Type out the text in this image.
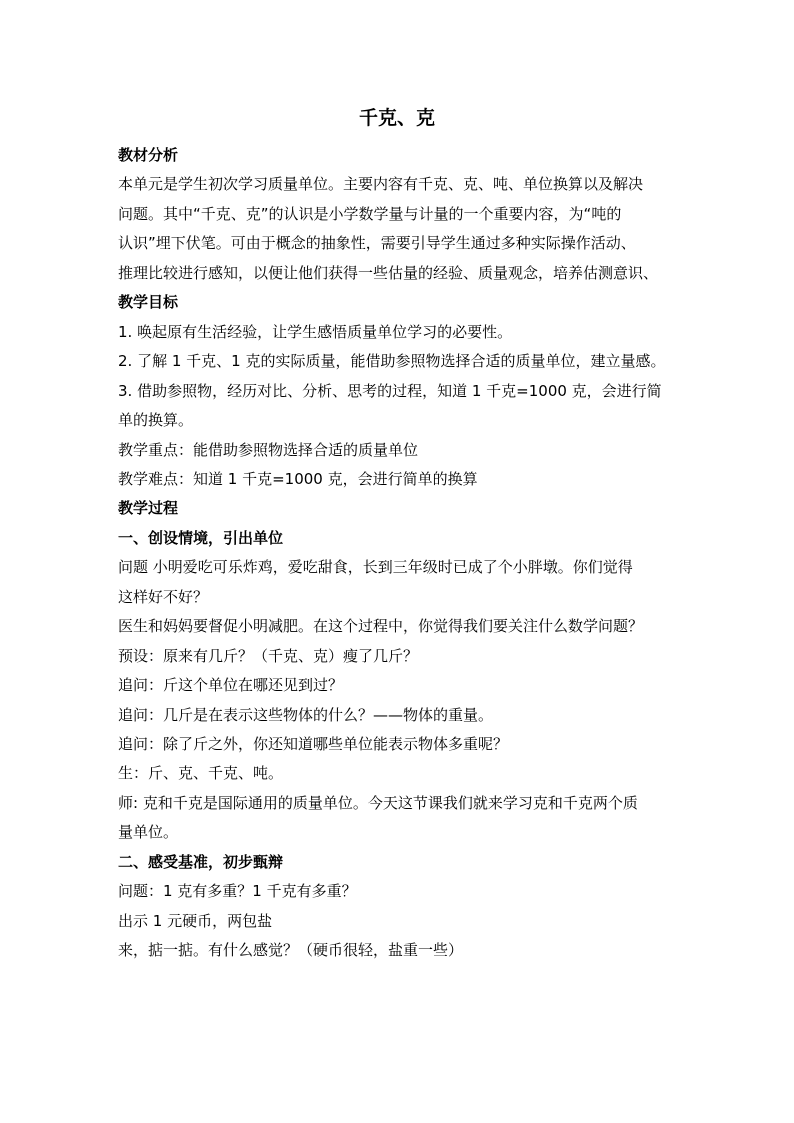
千克、克
教材分析
本单元是学生初次学习质量单位。主要内容有千克、克、吨、单位换算以及解决
问题。其中“千克、克”的认识是小学数学量与计量的一个重要内容，为“吨的
认识”埋下伏笔。可由于概念的抽象性，需要引导学生通过多种实际操作活动、
推理比较进行感知，以便让他们获得一些估量的经验、质量观念，培养估测意识、
教学目标
1. 唤起原有生活经验，让学生感悟质量单位学习的必要性。
2. 了解 1 千克、1 克的实际质量，能借助参照物选择合适的质量单位，建立量感。
3. 借助参照物，经历对比、分析、思考的过程，知道 1 千克=1000 克，会进行简
单的换算。
教学重点：能借助参照物选择合适的质量单位
教学难点：知道 1 千克=1000 克，会进行简单的换算
教学过程
一、创设情境，引出单位
问题 小明爱吃可乐炸鸡，爱吃甜食，长到三年级时已成了个小胖墩。你们觉得
这样好不好？
医生和妈妈要督促小明减肥。在这个过程中，你觉得我们要关注什么数学问题？
预设：原来有几斤？（千克、克）瘦了几斤？
追问：斤这个单位在哪还见到过？
追问：几斤是在表示这些物体的什么？——物体的重量。
追问：除了斤之外，你还知道哪些单位能表示物体多重呢？
生：斤、克、千克、吨。
师: 克和千克是国际通用的质量单位。今天这节课我们就来学习克和千克两个质
量单位。
二、感受基准，初步甄辩
问题：1 克有多重？1 千克有多重？
出示 1 元硬币，两包盐
来，掂一掂。有什么感觉？（硬币很轻，盐重一些）
